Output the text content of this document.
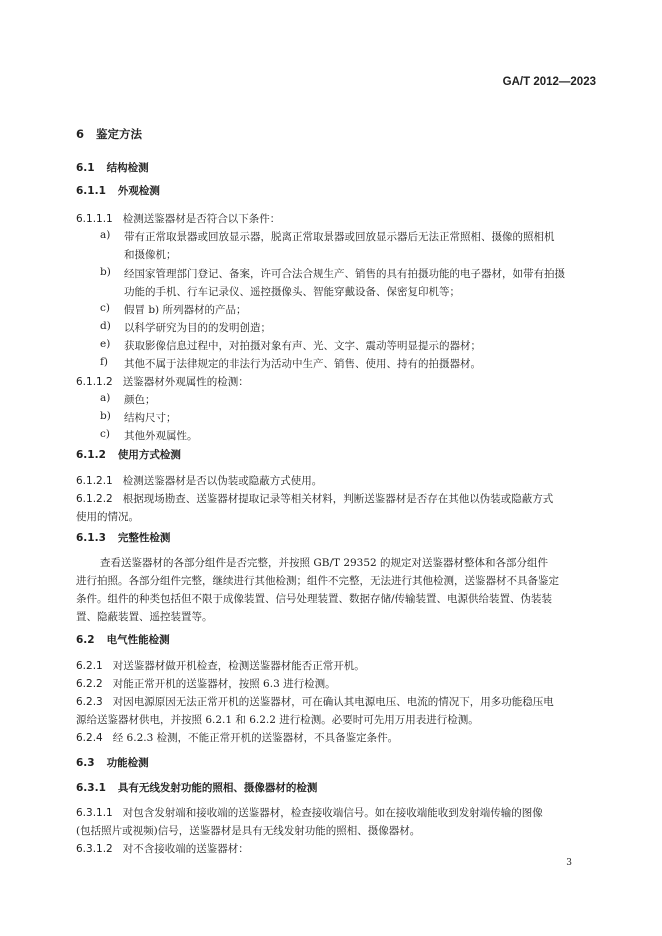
GA/T 2012—2023
6 鉴定方法
6.1 结构检测
6.1.1 外观检测
6.1.1.1 检测送鉴器材是否符合以下条件：
a) 带有正常取景器或回放显示器，脱离正常取景器或回放显示器后无法正常照相、摄像的照相机
和摄像机；
b) 经国家管理部门登记、备案，许可合法合规生产、销售的具有拍摄功能的电子器材，如带有拍摄
功能的手机、行车记录仪、遥控摄像头、智能穿戴设备、保密复印机等；
c) 假冒 b) 所列器材的产品；
d) 以科学研究为目的的发明创造；
e) 获取影像信息过程中，对拍摄对象有声、光、文字、震动等明显提示的器材；
f) 其他不属于法律规定的非法行为活动中生产、销售、使用、持有的拍摄器材。
6.1.1.2 送鉴器材外观属性的检测：
a) 颜色；
b) 结构尺寸；
c) 其他外观属性。
6.1.2 使用方式检测
6.1.2.1 检测送鉴器材是否以伪装或隐蔽方式使用。
6.1.2.2 根据现场勘查、送鉴器材提取记录等相关材料，判断送鉴器材是否存在其他以伪装或隐蔽方式
使用的情况。
6.1.3 完整性检测
查看送鉴器材的各部分组件是否完整，并按照 GB/T 29352 的规定对送鉴器材整体和各部分组件
进行拍照。各部分组件完整，继续进行其他检测；组件不完整，无法进行其他检测，送鉴器材不具备鉴定
条件。组件的种类包括但不限于成像装置、信号处理装置、数据存储/传输装置、电源供给装置、伪装装
置、隐蔽装置、遥控装置等。
6.2 电气性能检测
6.2.1 对送鉴器材做开机检查，检测送鉴器材能否正常开机。
6.2.2 对能正常开机的送鉴器材，按照 6.3 进行检测。
6.2.3 对因电源原因无法正常开机的送鉴器材，可在确认其电源电压、电流的情况下，用多功能稳压电
源给送鉴器材供电，并按照 6.2.1 和 6.2.2 进行检测。必要时可先用万用表进行检测。
6.2.4 经 6.2.3 检测，不能正常开机的送鉴器材，不具备鉴定条件。
6.3 功能检测
6.3.1 具有无线发射功能的照相、摄像器材的检测
6.3.1.1 对包含发射端和接收端的送鉴器材，检查接收端信号。如在接收端能收到发射端传输的图像
(包括照片或视频)信号，送鉴器材是具有无线发射功能的照相、摄像器材。
6.3.1.2 对不含接收端的送鉴器材：
3
